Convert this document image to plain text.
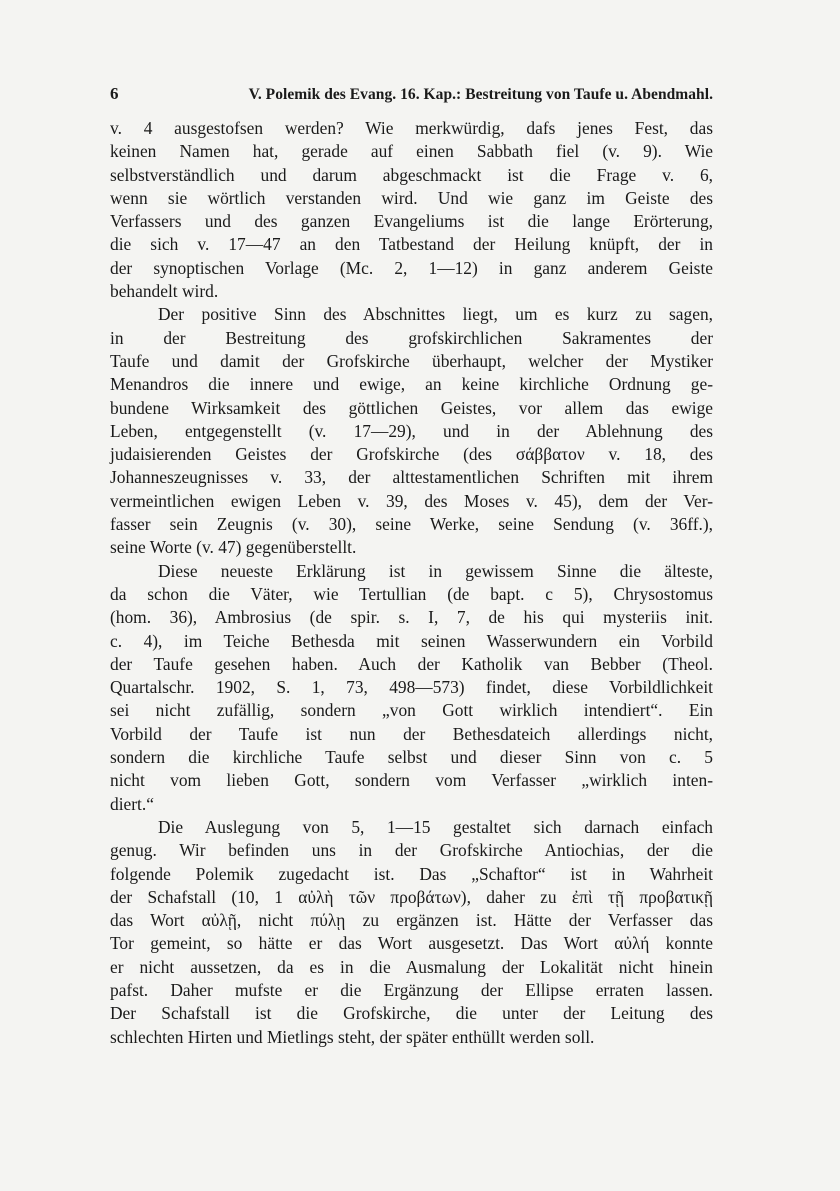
6	V. Polemik des Evang. 16. Kap.: Bestreitung von Taufe u. Abendmahl.
v. 4 ausgestofsen werden? Wie merkwürdig, dafs jenes Fest, das
keinen Namen hat, gerade auf einen Sabbath fiel (v. 9). Wie
selbstverständlich und darum abgeschmackt ist die Frage v. 6,
wenn sie wörtlich verstanden wird. Und wie ganz im Geiste des
Verfassers und des ganzen Evangeliums ist die lange Erörterung,
die sich v. 17—47 an den Tatbestand der Heilung knüpft, der in
der synoptischen Vorlage (Mc. 2, 1—12) in ganz anderem Geiste
behandelt wird.
Der positive Sinn des Abschnittes liegt, um es kurz zu sagen,
in der Bestreitung des grofskirchlichen Sakramentes der
Taufe und damit der Grofskirche überhaupt, welcher der Mystiker
Menandros die innere und ewige, an keine kirchliche Ordnung ge-
bundene Wirksamkeit des göttlichen Geistes, vor allem das ewige
Leben, entgegenstellt (v. 17—29), und in der Ablehnung des
judaisierenden Geistes der Grofskirche (des σάββατον v. 18, des
Johanneszeugnisses v. 33, der alttestamentlichen Schriften mit ihrem
vermeintlichen ewigen Leben v. 39, des Moses v. 45), dem der Ver-
fasser sein Zeugnis (v. 30), seine Werke, seine Sendung (v. 36ff.),
seine Worte (v. 47) gegenüberstellt.
Diese neueste Erklärung ist in gewissem Sinne die älteste,
da schon die Väter, wie Tertullian (de bapt. c 5), Chrysostomus
(hom. 36), Ambrosius (de spir. s. I, 7, de his qui mysteriis init.
c. 4), im Teiche Bethesda mit seinen Wasserwundern ein Vorbild
der Taufe gesehen haben. Auch der Katholik van Bebber (Theol.
Quartalschr. 1902, S. 1, 73, 498—573) findet, diese Vorbildlichkeit
sei nicht zufällig, sondern „von Gott wirklich intendiert“. Ein
Vorbild der Taufe ist nun der Bethesdateich allerdings nicht,
sondern die kirchliche Taufe selbst und dieser Sinn von c. 5
nicht vom lieben Gott, sondern vom Verfasser „wirklich inten-
diert.“
Die Auslegung von 5, 1—15 gestaltet sich darnach einfach
genug. Wir befinden uns in der Grofskirche Antiochias, der die
folgende Polemik zugedacht ist. Das „Schaftor“ ist in Wahrheit
der Schafstall (10, 1 αὐλὴ τῶν προβάτων), daher zu ἐπὶ τῇ προβατικῇ
das Wort αὐλῇ, nicht πύλῃ zu ergänzen ist. Hätte der Verfasser das
Tor gemeint, so hätte er das Wort ausgesetzt. Das Wort αὐλή konnte
er nicht aussetzen, da es in die Ausmalung der Lokalität nicht hinein
pafst. Daher mufste er die Ergänzung der Ellipse erraten lassen.
Der Schafstall ist die Grofskirche, die unter der Leitung des
schlechten Hirten und Mietlings steht, der später enthüllt werden soll.
